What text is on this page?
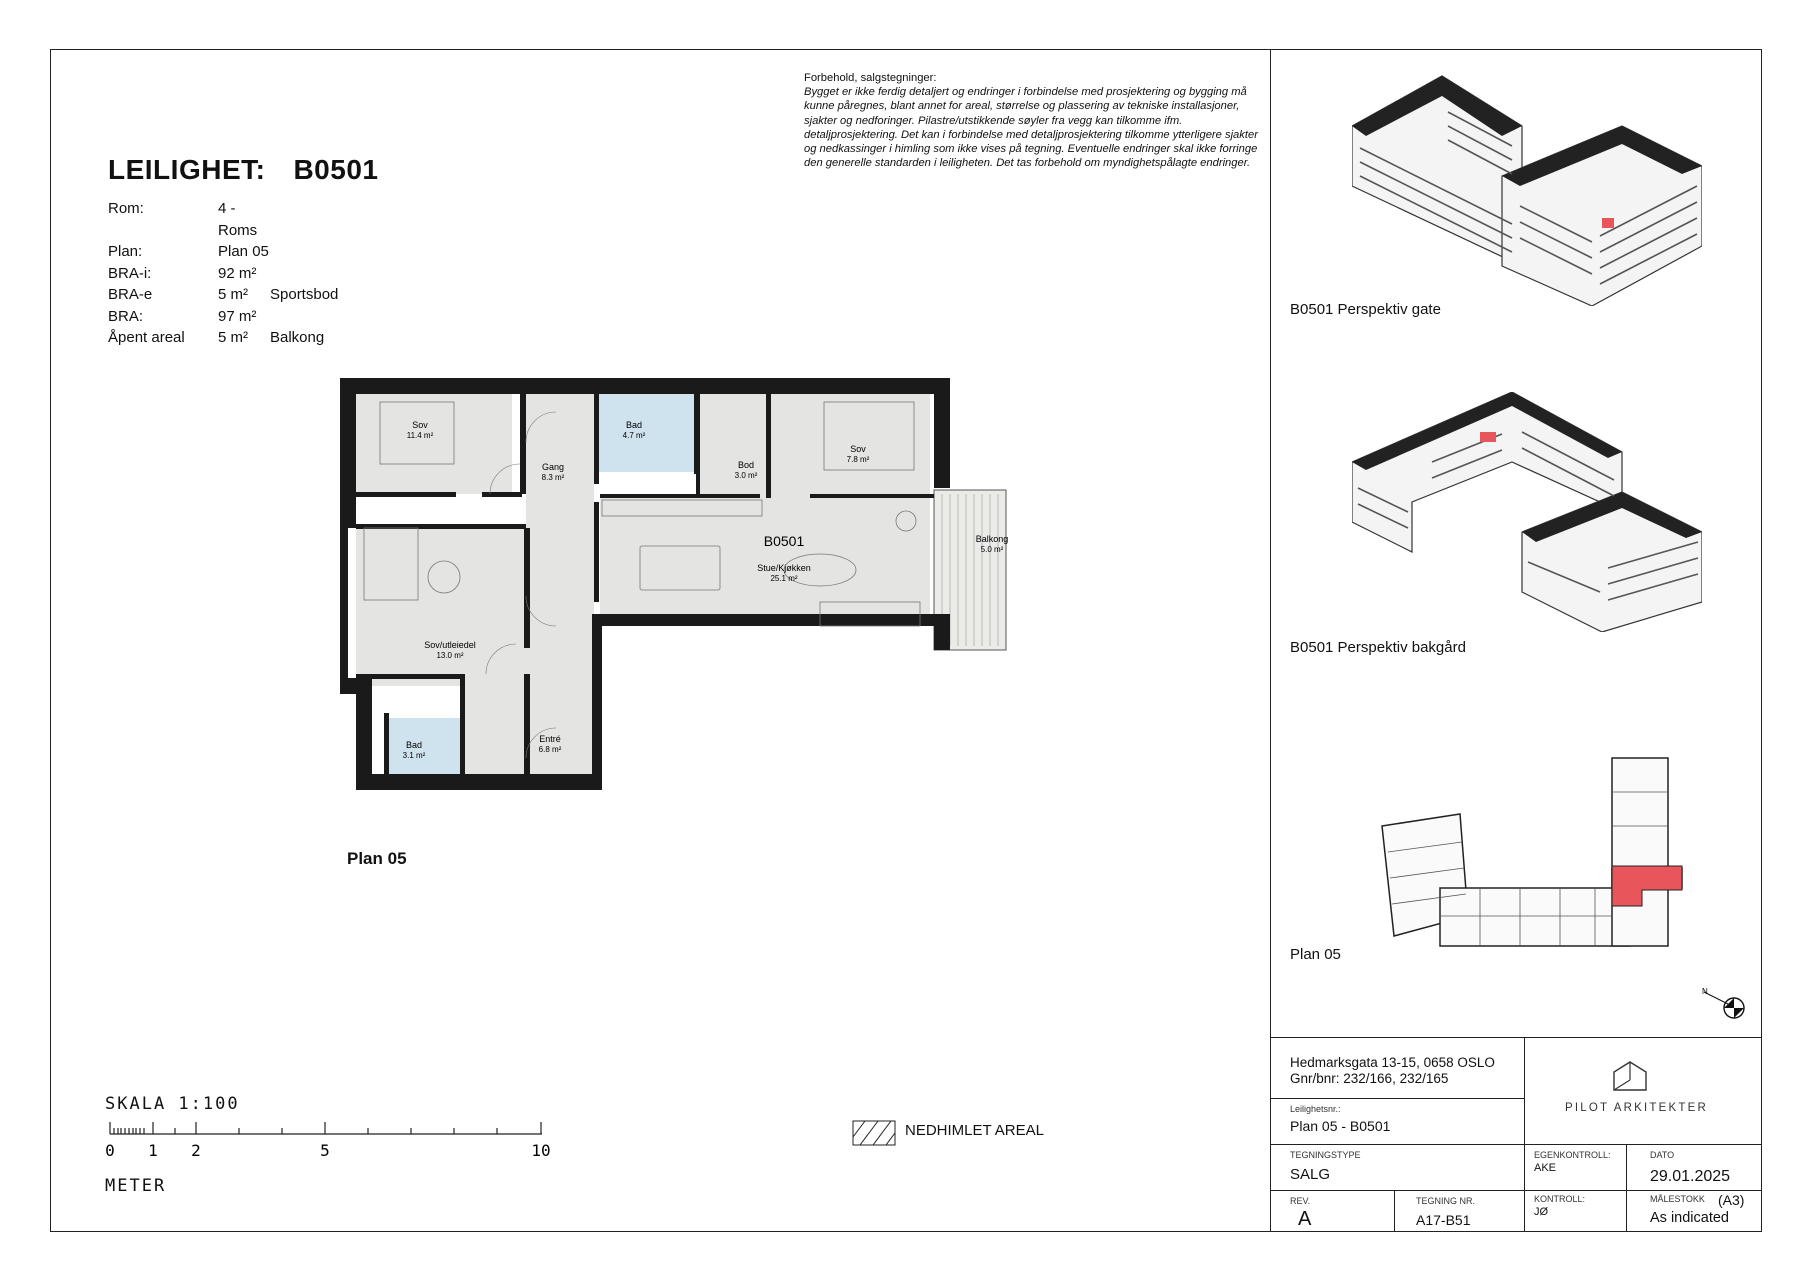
LEILIGHET: B0501
Rom:	4 - Roms
Plan:	Plan 05
BRA-i:	92 m²
BRA-e	5 m²	Sportsbod
BRA:	97 m²
Åpent areal	5 m²	Balkong
Forbehold, salgstegninger:
Bygget er ikke ferdig detaljert og endringer i forbindelse med prosjektering og bygging må kunne påregnes, blant annet for areal, størrelse og plassering av tekniske installasjoner, sjakter og nedforinger. Pilastre/utstikkende søyler fra vegg kan tilkomme ifm. detaljprosjektering. Det kan i forbindelse med detaljprosjektering tilkomme ytterligere sjakter og nedkassinger i himling som ikke vises på tegning. Eventuelle endringer skal ikke forringe den generelle standarden i leiligheten. Det tas forbehold om myndighetspålagte endringer.
Sov
11.4 m²
Bad
4.7 m²
Gang
8.3 m²
Bod
3.0 m²
Sov
7.8 m²
B0501
Stue/Kjøkken
25.1 m²
Balkong
5.0 m²
Sov/utleiedel
13.0 m²
Bad
3.1 m²
Entré
6.8 m²
Plan 05
SKALA 1:100
0 1 2	5	10
METER
NEDHIMLET AREAL
B0501 Perspektiv gate
B0501 Perspektiv bakgård
Plan 05
N
Hedmarksgata 13-15, 0658 OSLO
Gnr/bnr: 232/166, 232/165
Leilighetsnr.:
Plan 05 - B0501
PILOT ARKITEKTER
TEGNINGSTYPE
SALG
EGENKONTROLL:
AKE
DATO
29.01.2025
REV.
A
TEGNING NR.
A17-B51
KONTROLL:
JØ
MÅLESTOKK (A3)
As indicated
